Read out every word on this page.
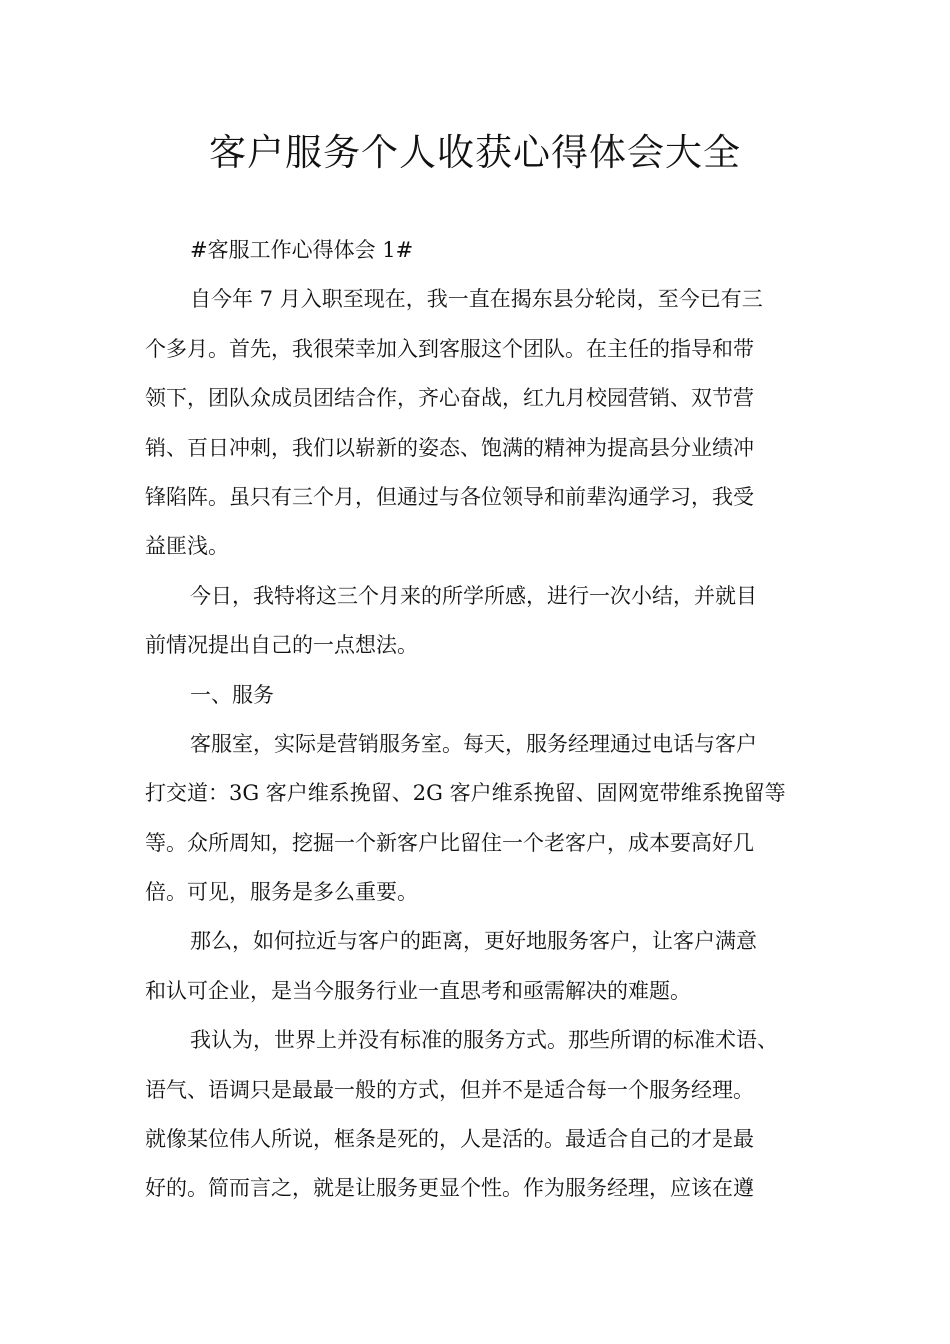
客户服务个人收获心得体会大全
#客服工作心得体会 1#
自今年 7 月入职至现在，我一直在揭东县分轮岗，至今已有三
个多月。首先，我很荣幸加入到客服这个团队。在主任的指导和带
领下，团队众成员团结合作，齐心奋战，红九月校园营销、双节营
销、百日冲刺，我们以崭新的姿态、饱满的精神为提高县分业绩冲
锋陷阵。虽只有三个月，但通过与各位领导和前辈沟通学习，我受
益匪浅。
今日，我特将这三个月来的所学所感，进行一次小结，并就目
前情况提出自己的一点想法。
一、服务
客服室，实际是营销服务室。每天，服务经理通过电话与客户
打交道：3G 客户维系挽留、2G 客户维系挽留、固网宽带维系挽留等
等。众所周知，挖掘一个新客户比留住一个老客户，成本要高好几
倍。可见，服务是多么重要。
那么，如何拉近与客户的距离，更好地服务客户，让客户满意
和认可企业，是当今服务行业一直思考和亟需解决的难题。
我认为，世界上并没有标准的服务方式。那些所谓的标准术语、
语气、语调只是最最一般的方式，但并不是适合每一个服务经理。
就像某位伟人所说，框条是死的，人是活的。最适合自己的才是最
好的。简而言之，就是让服务更显个性。作为服务经理，应该在遵
